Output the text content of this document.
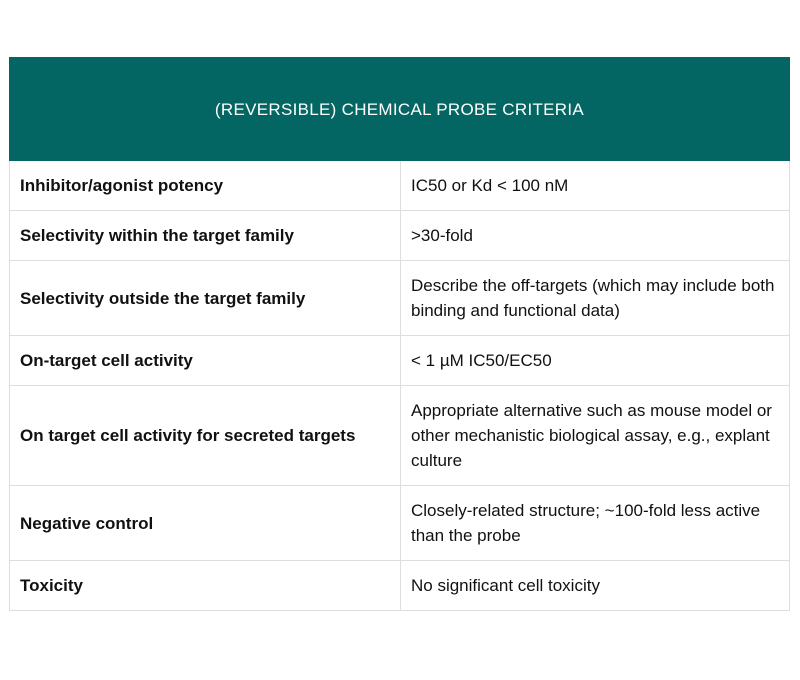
(REVERSIBLE) CHEMICAL PROBE CRITERIA	
Inhibitor/agonist potency	IC50 or Kd < 100 nM
Selectivity within the target family	>30-fold
Selectivity outside the target family	Describe the off-targets (which may include both binding and functional data)
On-target cell activity	< 1 µM IC50/EC50
On target cell activity for secreted targets	Appropriate alternative such as mouse model or other mechanistic biological assay, e.g., explant culture
Negative control	Closely-related structure; ~100-fold less active than the probe
Toxicity	No significant cell toxicity
